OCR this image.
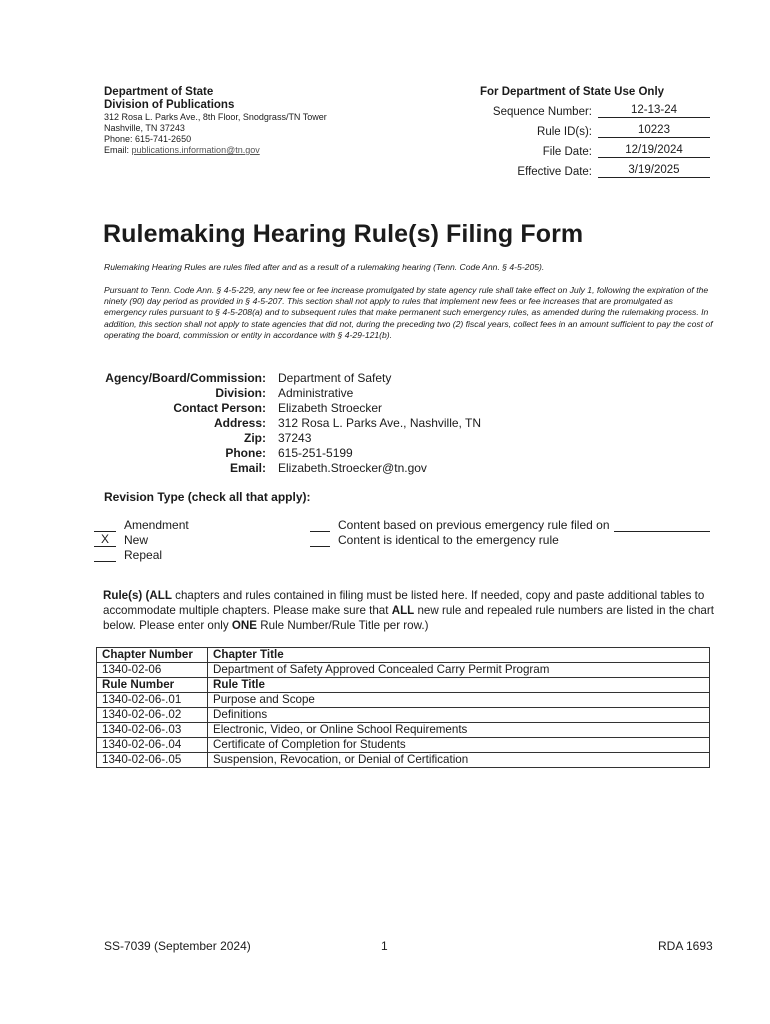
Department of State
Division of Publications
312 Rosa L. Parks Ave., 8th Floor, Snodgrass/TN Tower
Nashville, TN 37243
Phone: 615-741-2650
Email: publications.information@tn.gov
For Department of State Use Only
Sequence Number:	12-13-24
Rule ID(s):	10223
File Date:	12/19/2024
Effective Date:	3/19/2025
Rulemaking Hearing Rule(s) Filing Form
Rulemaking Hearing Rules are rules filed after and as a result of a rulemaking hearing (Tenn. Code Ann. § 4-5-205).
Pursuant to Tenn. Code Ann. § 4-5-229, any new fee or fee increase promulgated by state agency rule shall take effect on July 1, following the expiration of the ninety (90) day period as provided in § 4-5-207. This section shall not apply to rules that implement new fees or fee increases that are promulgated as emergency rules pursuant to § 4-5-208(a) and to subsequent rules that make permanent such emergency rules, as amended during the rulemaking process. In addition, this section shall not apply to state agencies that did not, during the preceding two (2) fiscal years, collect fees in an amount sufficient to pay the cost of operating the board, commission or entity in accordance with § 4-29-121(b).
Agency/Board/Commission:	Department of Safety
Division:	Administrative
Contact Person:	Elizabeth Stroecker
Address:	312 Rosa L. Parks Ave., Nashville, TN
Zip:	37243
Phone:	615-251-5199
Email:	Elizabeth.Stroecker@tn.gov
Revision Type (check all that apply):
Amendment
X	New
Repeal
Content based on previous emergency rule filed on
Content is identical to the emergency rule
Rule(s) (ALL chapters and rules contained in filing must be listed here. If needed, copy and paste additional tables to accommodate multiple chapters. Please make sure that ALL new rule and repealed rule numbers are listed in the chart below. Please enter only ONE Rule Number/Rule Title per row.)
Chapter Number	Chapter Title
1340-02-06	Department of Safety Approved Concealed Carry Permit Program
Rule Number	Rule Title
1340-02-06-.01	Purpose and Scope
1340-02-06-.02	Definitions
1340-02-06-.03	Electronic, Video, or Online School Requirements
1340-02-06-.04	Certificate of Completion for Students
1340-02-06-.05	Suspension, Revocation, or Denial of Certification
SS-7039 (September 2024)	1	RDA 1693
